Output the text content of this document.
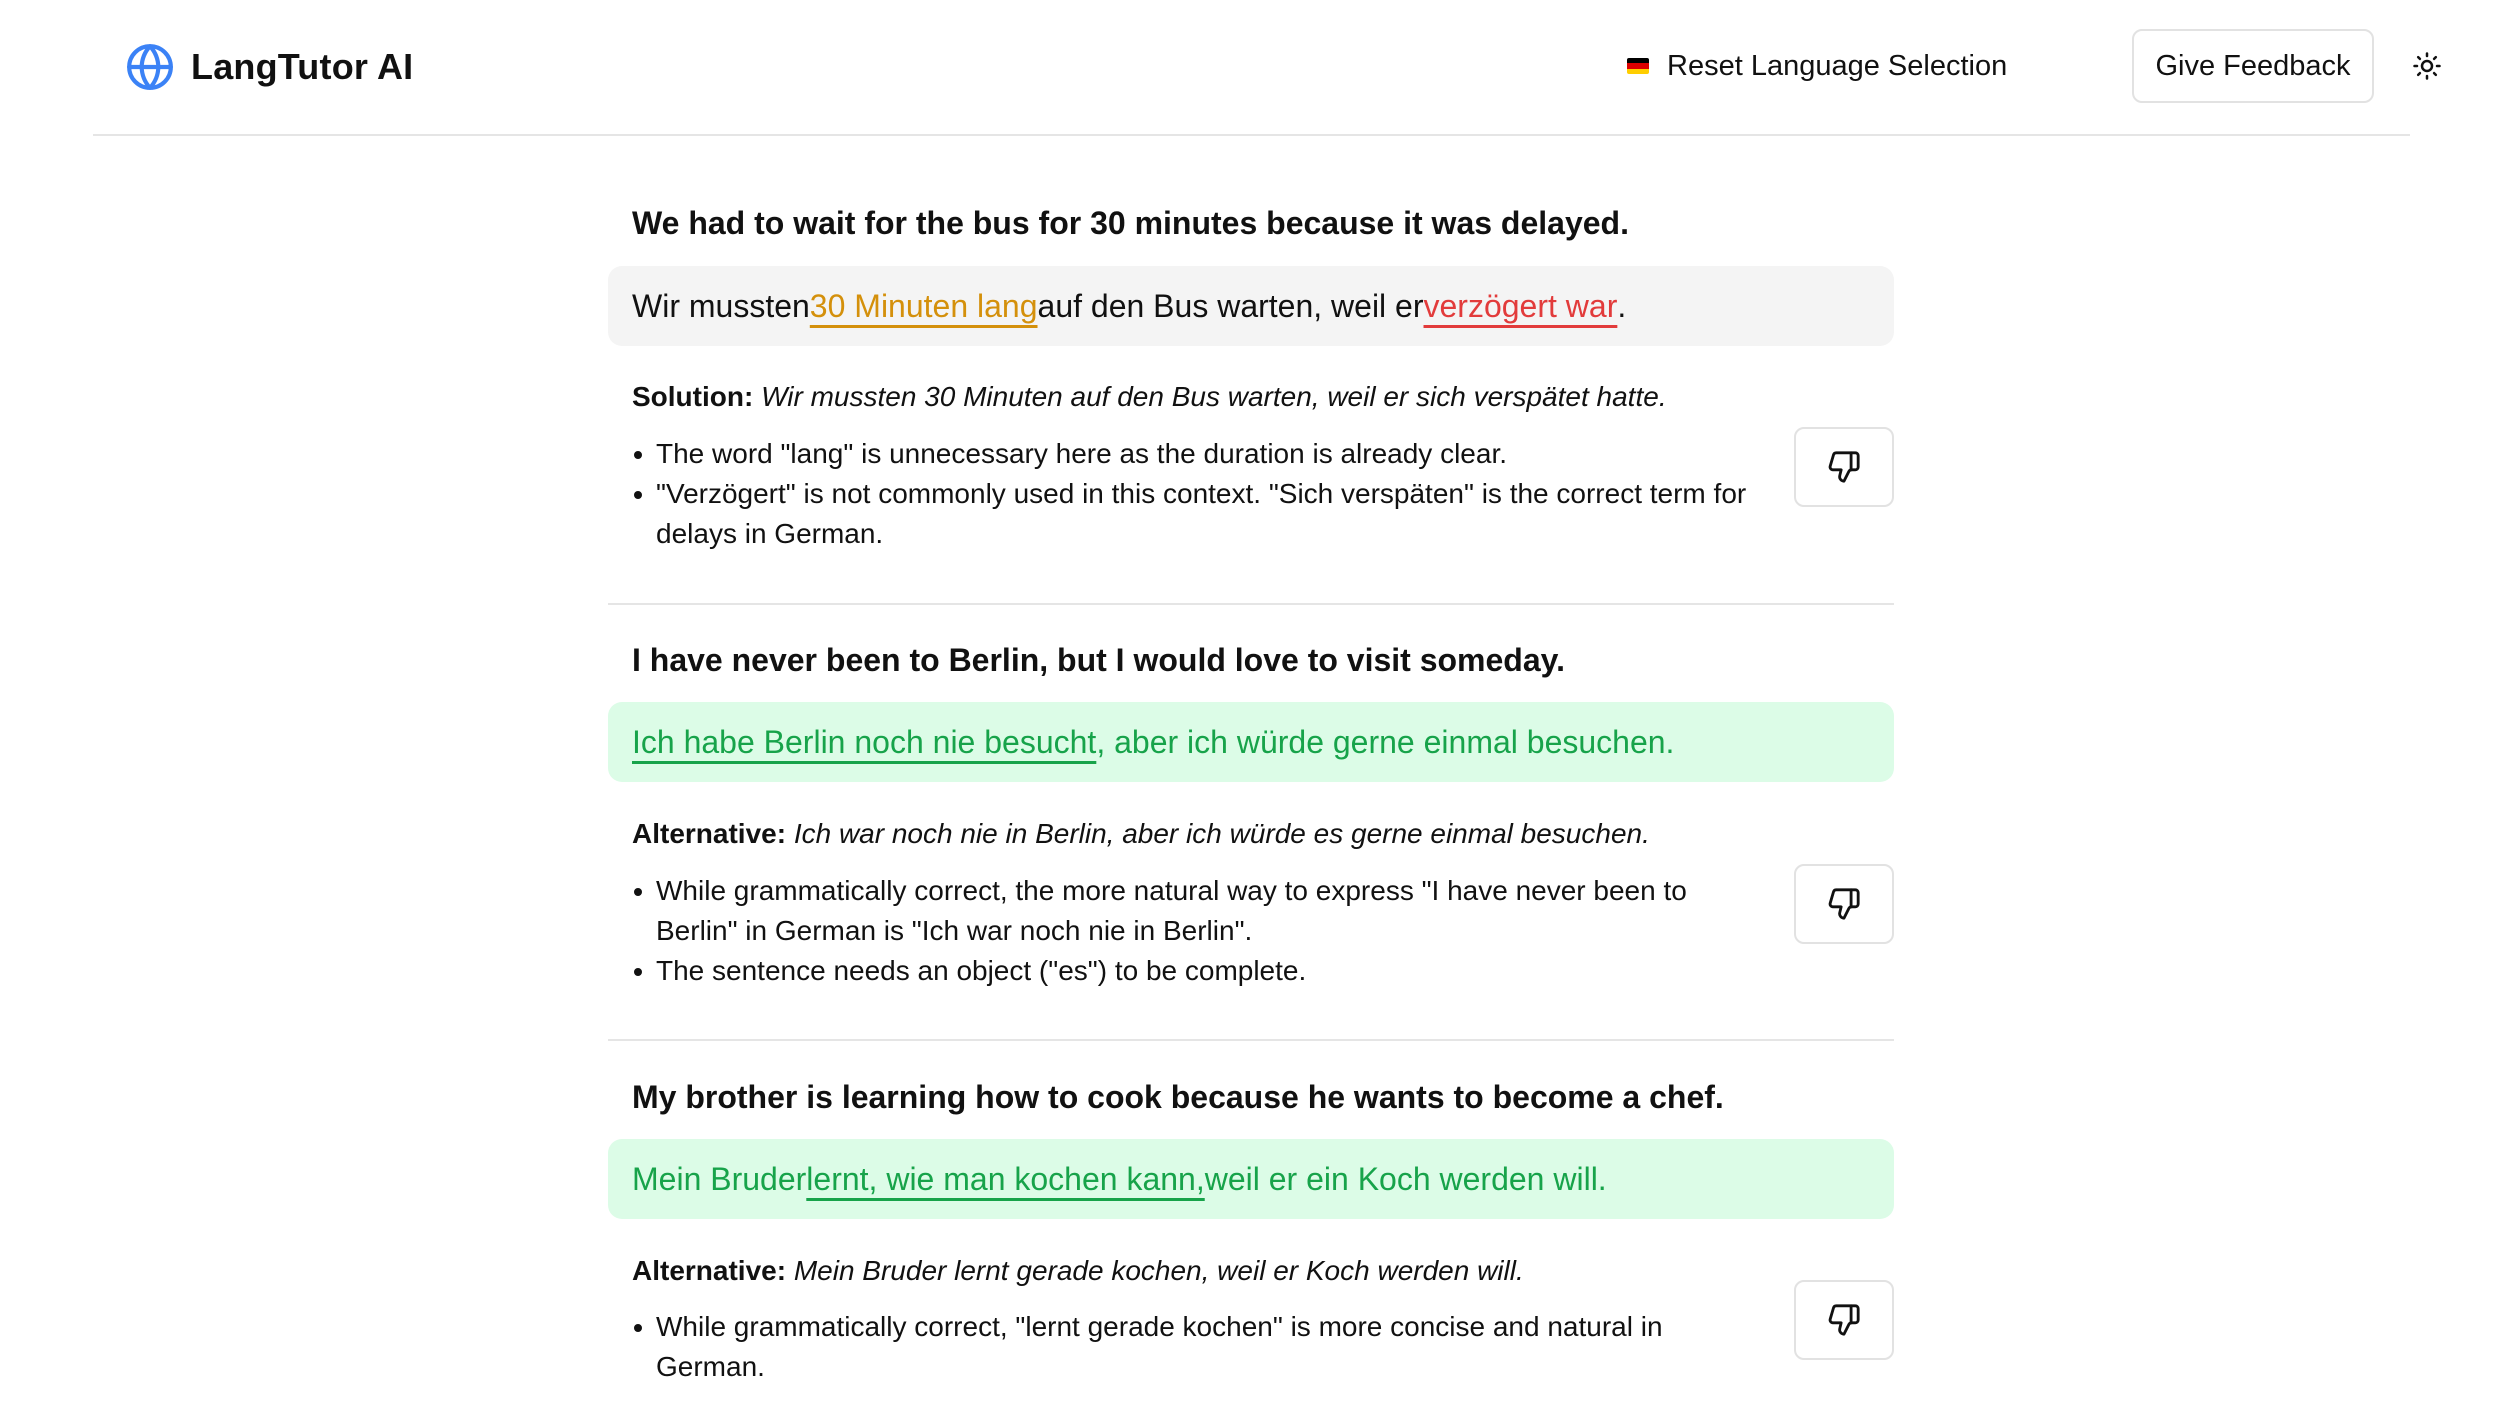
LangTutor AI	Reset Language Selection	Give Feedback
We had to wait for the bus for 30 minutes because it was delayed.
Wir mussten 30 Minuten lang auf den Bus warten, weil er verzögert war .
Solution: Wir mussten 30 Minuten auf den Bus warten, weil er sich verspätet hatte.
The word "lang" is unnecessary here as the duration is already clear.
"Verzögert" is not commonly used in this context. "Sich verspäten" is the correct term for delays in German.
I have never been to Berlin, but I would love to visit someday.
Ich habe Berlin noch nie besucht , aber ich würde gerne einmal besuchen.
Alternative: Ich war noch nie in Berlin, aber ich würde es gerne einmal besuchen.
While grammatically correct, the more natural way to express "I have never been to Berlin" in German is "Ich war noch nie in Berlin".
The sentence needs an object ("es") to be complete.
My brother is learning how to cook because he wants to become a chef.
Mein Bruder lernt, wie man kochen kann, weil er ein Koch werden will.
Alternative: Mein Bruder lernt gerade kochen, weil er Koch werden will.
While grammatically correct, "lernt gerade kochen" is more concise and natural in German.
